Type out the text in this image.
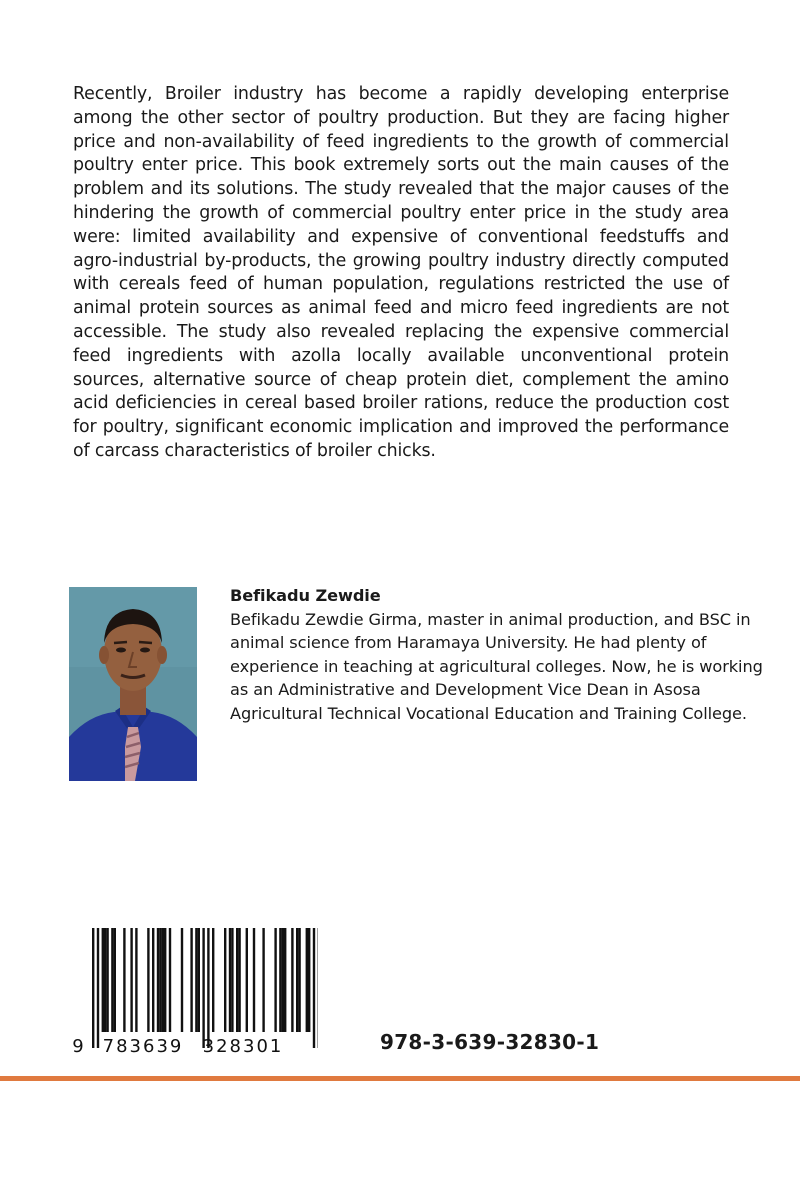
Recently, Broiler industry has become a rapidly developing enterprise among the other sector of poultry production. But they are facing higher price and non-availability of feed ingredients to the growth of commercial poultry enter price. This book extremely sorts out the main causes of the problem and its solutions. The study revealed that the major causes of the hindering the growth of commercial poultry enter price in the study area were: limited availability and expensive of conventional feedstuffs and agro-industrial by-products, the growing poultry industry directly computed with cereals feed of human population, regulations restricted the use of animal protein sources as animal feed and micro feed ingredients are not accessible. The study also revealed replacing the expensive commercial feed ingredients with azolla locally available unconventional protein sources, alternative source of cheap protein diet, complement the amino acid deficiencies in cereal based broiler rations, reduce the production cost for poultry, significant economic implication and improved the performance of carcass characteristics of broiler chicks.

Befikadu Zewdie

Befikadu Zewdie Girma, master in animal production, and BSC in animal science from Haramaya University. He had plenty of experience in teaching at agricultural colleges. Now, he is working as an Administrative and Development Vice Dean in Asosa Agricultural Technical Vocational Education and Training College.

9 783639 328301	978-3-639-32830-1
